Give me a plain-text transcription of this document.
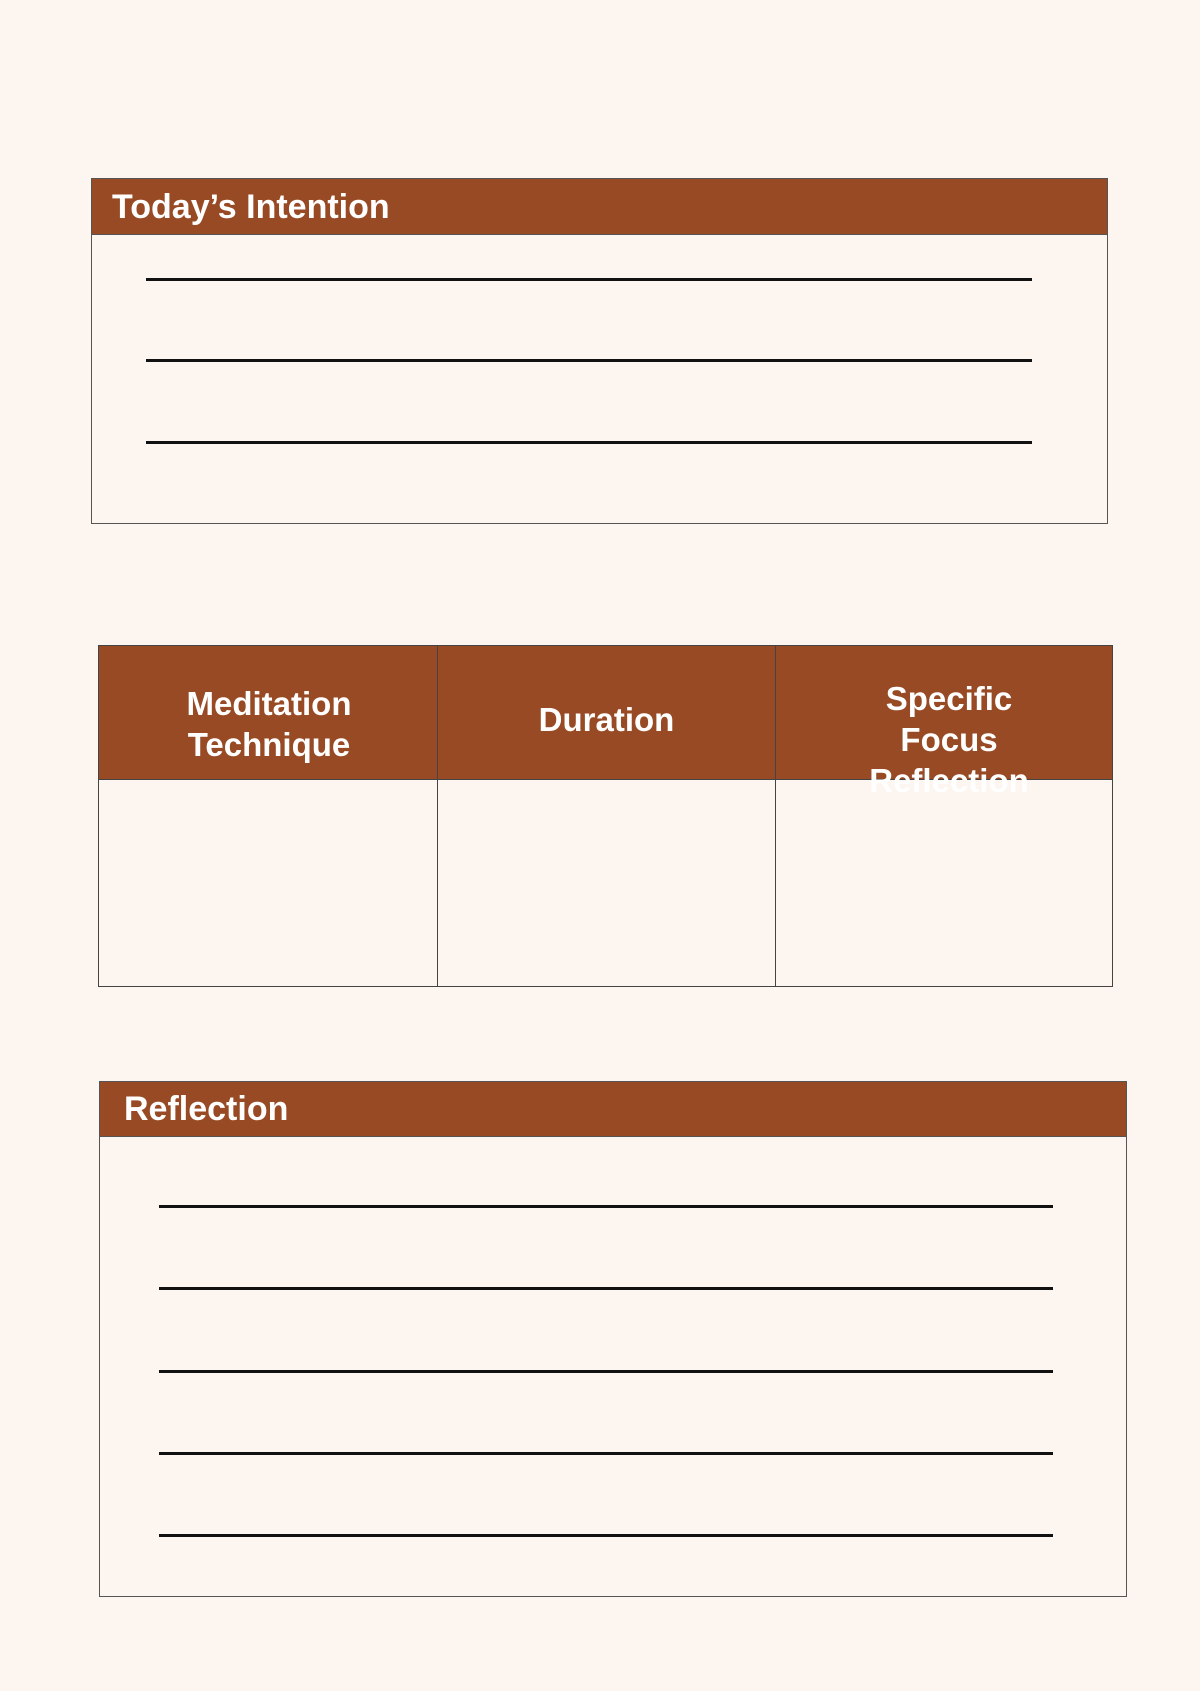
Today’s Intention
Meditation Technique
Duration
Specific Focus Reflection
Reflection
